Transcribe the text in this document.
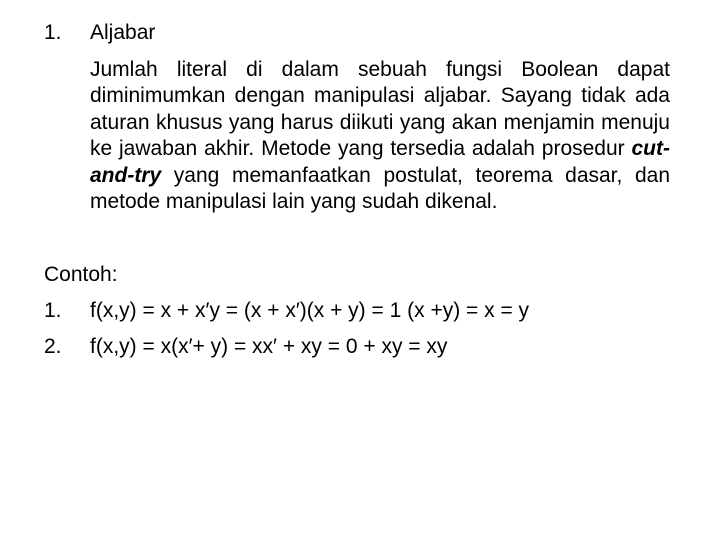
1. Aljabar
Jumlah literal di dalam sebuah fungsi Boolean dapat diminimumkan dengan manipulasi aljabar. Sayang tidak ada aturan khusus yang harus diikuti yang akan menjamin menuju ke jawaban akhir. Metode yang tersedia adalah prosedur cut-and-try yang memanfaatkan postulat, teorema dasar, dan metode manipulasi lain yang sudah dikenal.
Contoh:
1. f(x,y) = x + x′y = (x + x′)(x + y) = 1 (x +y) = x = y
2. f(x,y) = x(x′+ y) = xx′ + xy = 0 + xy = xy
